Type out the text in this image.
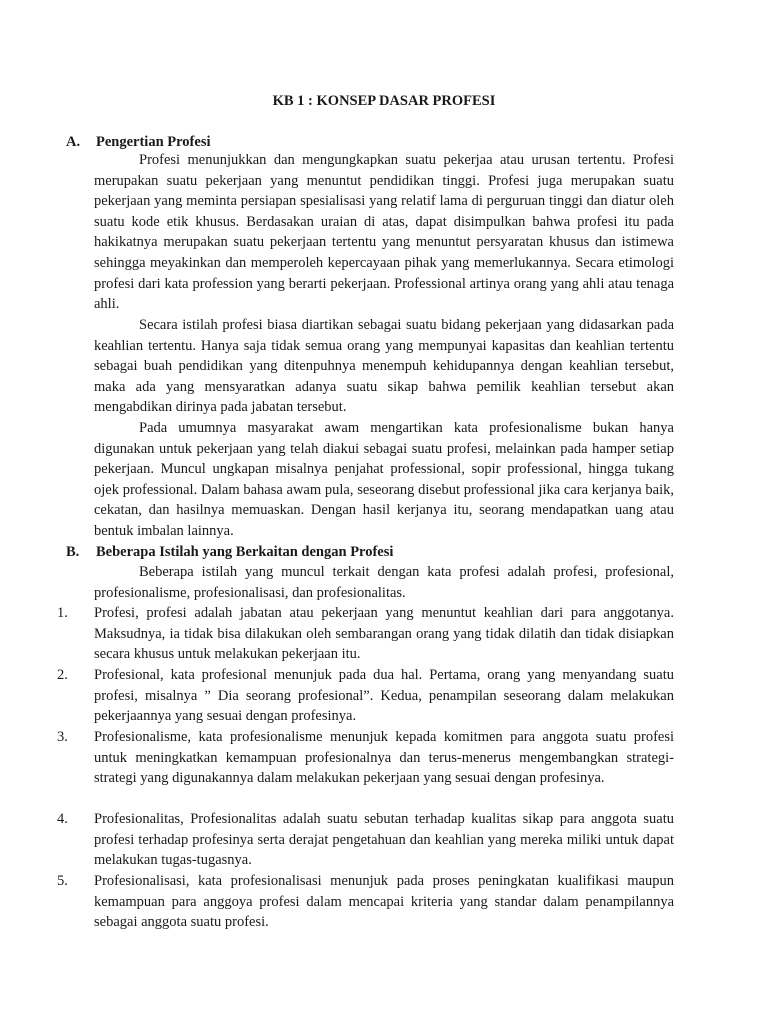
KB 1 : KONSEP DASAR PROFESI
A. Pengertian Profesi

Profesi menunjukkan dan mengungkapkan suatu pekerjaa atau urusan tertentu. Profesi merupakan suatu pekerjaan yang menuntut pendidikan tinggi. Profesi juga merupakan suatu pekerjaan yang meminta persiapan spesialisasi yang relatif lama di perguruan tinggi dan diatur oleh suatu kode etik khusus. Berdasakan uraian di atas, dapat disimpulkan bahwa profesi itu pada hakikatnya merupakan suatu pekerjaan tertentu yang menuntut persyaratan khusus dan istimewa sehingga meyakinkan dan memperoleh kepercayaan pihak yang memerlukannya. Secara etimologi profesi dari kata profession yang berarti pekerjaan. Professional artinya orang yang ahli atau tenaga ahli.

Secara istilah profesi biasa diartikan sebagai suatu bidang pekerjaan yang didasarkan pada keahlian tertentu. Hanya saja tidak semua orang yang mempunyai kapasitas dan keahlian tertentu sebagai buah pendidikan yang ditenpuhnya menempuh kehidupannya dengan keahlian tersebut, maka ada yang mensyaratkan adanya suatu sikap bahwa pemilik keahlian tersebut akan mengabdikan dirinya pada jabatan tersebut.

Pada umumnya masyarakat awam mengartikan kata profesionalisme bukan hanya digunakan untuk pekerjaan yang telah diakui sebagai suatu profesi, melainkan pada hamper setiap pekerjaan. Muncul ungkapan misalnya penjahat professional, sopir professional, hingga tukang ojek professional. Dalam bahasa awam pula, seseorang disebut professional jika cara kerjanya baik, cekatan, dan hasilnya memuaskan. Dengan hasil kerjanya itu, seorang mendapatkan uang atau bentuk imbalan lainnya.

B. Beberapa Istilah yang Berkaitan dengan Profesi

Beberapa istilah yang muncul terkait dengan kata profesi adalah profesi, profesional, profesionalisme, profesionalisasi, dan profesionalitas.

1. Profesi, profesi adalah jabatan atau pekerjaan yang menuntut keahlian dari para anggotanya. Maksudnya, ia tidak bisa dilakukan oleh sembarangan orang yang tidak dilatih dan tidak disiapkan secara khusus untuk melakukan pekerjaan itu.
2. Profesional, kata profesional menunjuk pada dua hal. Pertama, orang yang menyandang suatu profesi, misalnya ” Dia seorang profesional”. Kedua, penampilan seseorang dalam melakukan pekerjaannya yang sesuai dengan profesinya.
3. Profesionalisme, kata profesionalisme menunjuk kepada komitmen para anggota suatu profesi untuk meningkatkan kemampuan profesionalnya dan terus-menerus mengembangkan strategi-strategi yang digunakannya dalam melakukan pekerjaan yang sesuai dengan profesinya.
4. Profesionalitas, Profesionalitas adalah suatu sebutan terhadap kualitas sikap para anggota suatu profesi terhadap profesinya serta derajat pengetahuan dan keahlian yang mereka miliki untuk dapat melakukan tugas-tugasnya.
5. Profesionalisasi, kata profesionalisasi menunjuk pada proses peningkatan kualifikasi maupun kemampuan para anggoya profesi dalam mencapai kriteria yang standar dalam penampilannya sebagai anggota suatu profesi.
